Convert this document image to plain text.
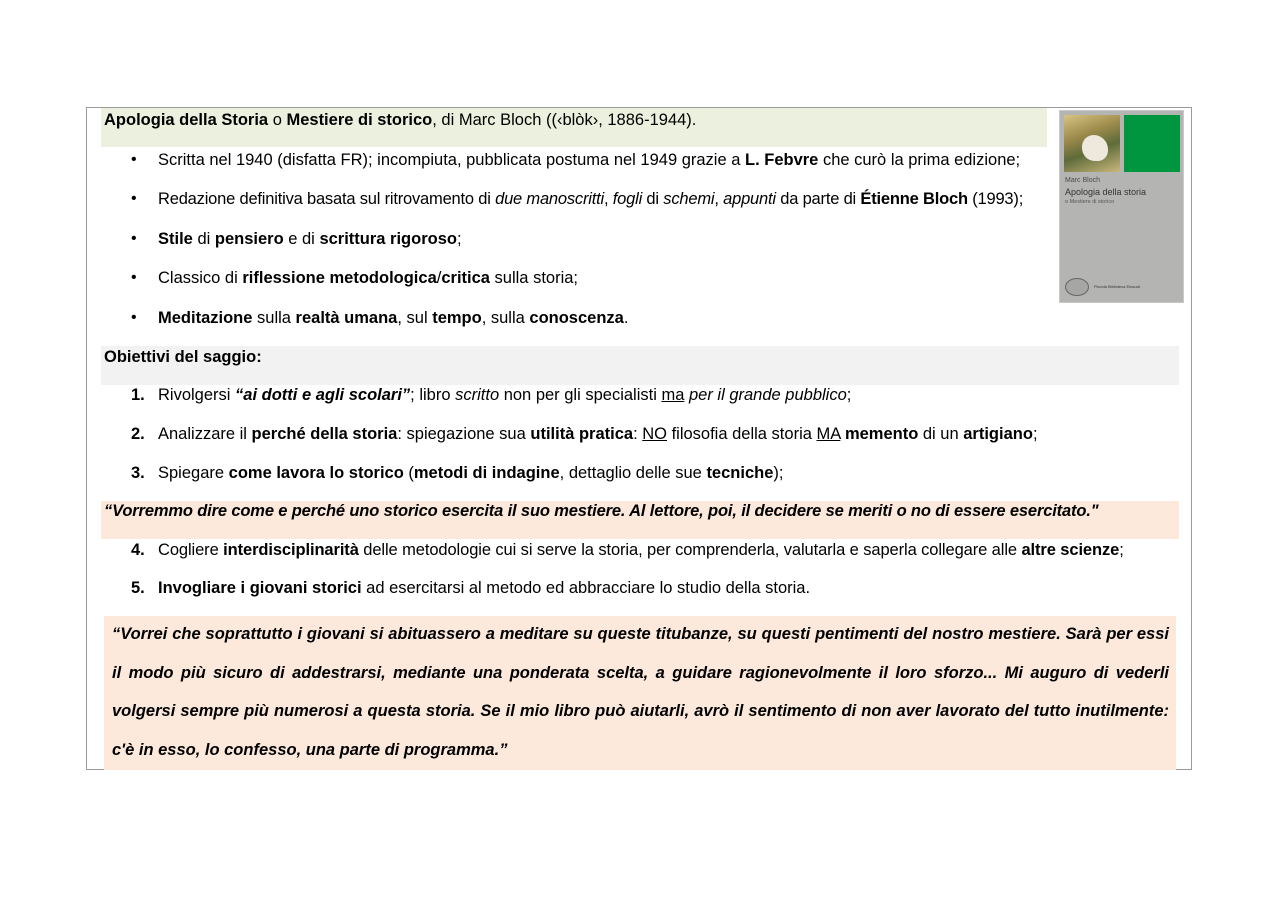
Apologia della Storia o Mestiere di storico, di Marc Bloch ((‹blòk›, 1886-1944).
• Scritta nel 1940 (disfatta FR); incompiuta, pubblicata postuma nel 1949 grazie a L. Febvre che curò la prima edizione;
• Redazione definitiva basata sul ritrovamento di due manoscritti, fogli di schemi, appunti da parte di Étienne Bloch (1993);
• Stile di pensiero e di scrittura rigoroso;
• Classico di riflessione metodologica/critica sulla storia;
• Meditazione sulla realtà umana, sul tempo, sulla conoscenza.
Obiettivi del saggio:
1. Rivolgersi “ai dotti e agli scolari”; libro scritto non per gli specialisti ma per il grande pubblico;
2. Analizzare il perché della storia: spiegazione sua utilità pratica: NO filosofia della storia MA memento di un artigiano;
3. Spiegare come lavora lo storico (metodi di indagine, dettaglio delle sue tecniche);
“Vorremmo dire come e perché uno storico esercita il suo mestiere. Al lettore, poi, il decidere se meriti o no di essere esercitato."
4. Cogliere interdisciplinarità delle metodologie cui si serve la storia, per comprenderla, valutarla e saperla collegare alle altre scienze;
5. Invogliare i giovani storici ad esercitarsi al metodo ed abbracciare lo studio della storia.
“Vorrei che soprattutto i giovani si abituassero a meditare su queste titubanze, su questi pentimenti del nostro mestiere. Sarà per essi il modo più sicuro di addestrarsi, mediante una ponderata scelta, a guidare ragionevolmente il loro sforzo... Mi auguro di vederli volgersi sempre più numerosi a questa storia. Se il mio libro può aiutarli, avrò il sentimento di non aver lavorato del tutto inutilmente: c'è in esso, lo confesso, una parte di programma.”
Marc Bloch
Apologia della storia
o Mestiere di storico
Piccola Biblioteca Einaudi
